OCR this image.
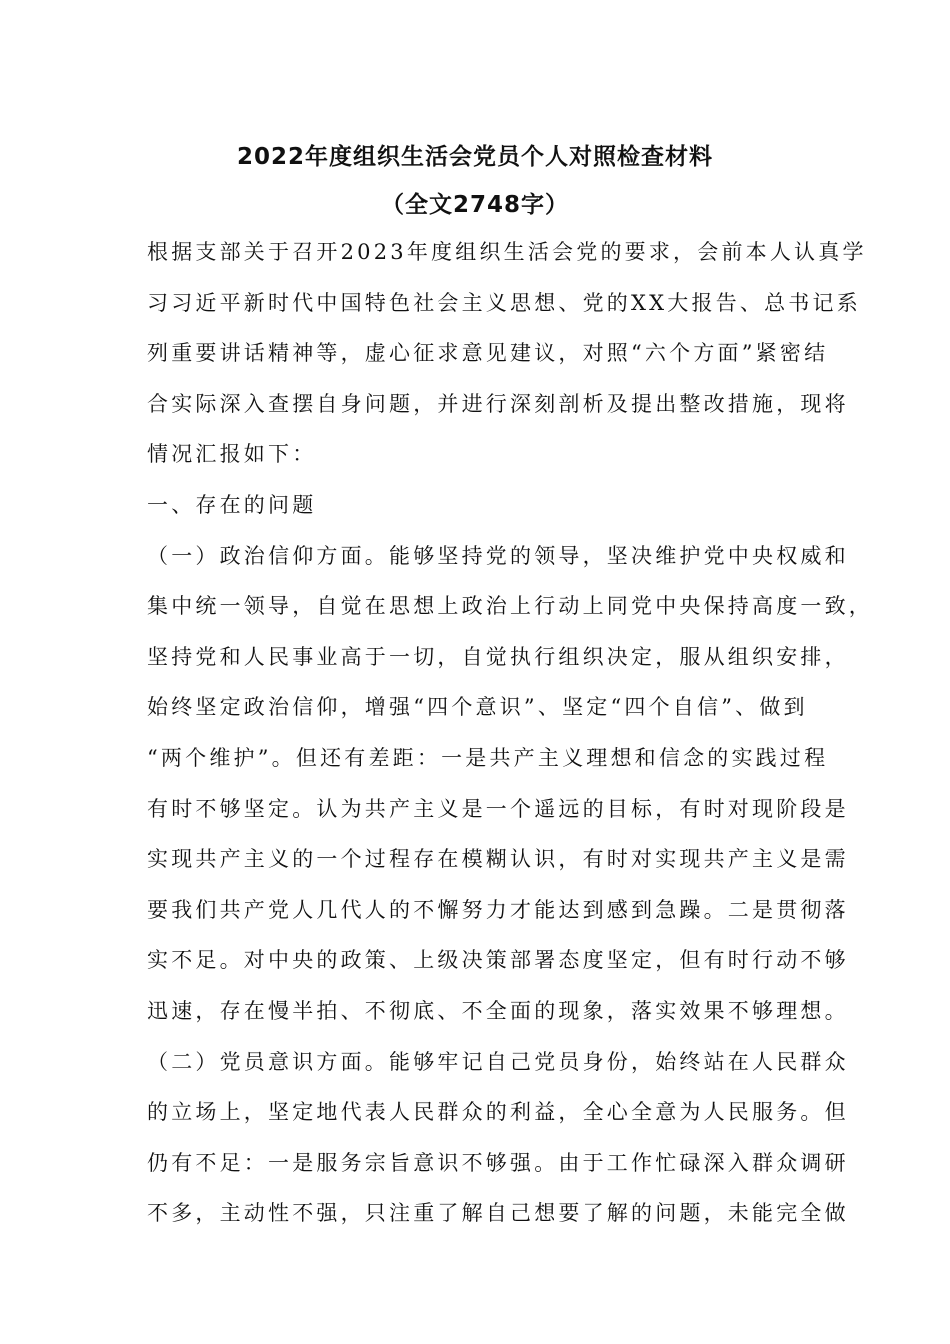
2022年度组织生活会党员个人对照检查材料
（全文2748字）
根据支部关于召开2023年度组织生活会党的要求，会前本人认真学
习习近平新时代中国特色社会主义思想、党的XX大报告、总书记系
列重要讲话精神等，虚心征求意见建议，对照“六个方面”紧密结
合实际深入查摆自身问题，并进行深刻剖析及提出整改措施，现将
情况汇报如下：
一、存在的问题
（一）政治信仰方面。能够坚持党的领导，坚决维护党中央权威和
集中统一领导，自觉在思想上政治上行动上同党中央保持高度一致，
坚持党和人民事业高于一切，自觉执行组织决定，服从组织安排，
始终坚定政治信仰，增强“四个意识”、坚定“四个自信”、做到
“两个维护”。但还有差距：一是共产主义理想和信念的实践过程
有时不够坚定。认为共产主义是一个遥远的目标，有时对现阶段是
实现共产主义的一个过程存在模糊认识，有时对实现共产主义是需
要我们共产党人几代人的不懈努力才能达到感到急躁。二是贯彻落
实不足。对中央的政策、上级决策部署态度坚定，但有时行动不够
迅速，存在慢半拍、不彻底、不全面的现象，落实效果不够理想。
（二）党员意识方面。能够牢记自己党员身份，始终站在人民群众
的立场上，坚定地代表人民群众的利益，全心全意为人民服务。但
仍有不足：一是服务宗旨意识不够强。由于工作忙碌深入群众调研
不多，主动性不强，只注重了解自己想要了解的问题，未能完全做
